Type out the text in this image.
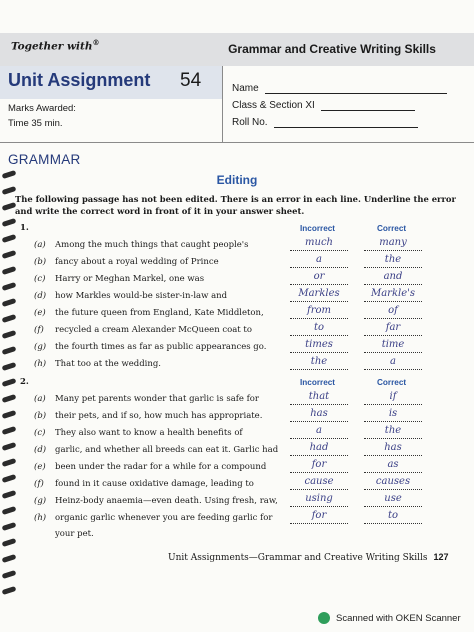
Together with®	Grammar and Creative Writing Skills
Unit Assignment 54
Marks Awarded:
Time 35 min.
Name
Class & Section XI
Roll No.
GRAMMAR
Editing
The following passage has not been edited. There is an error in each line. Underline the error and write the correct word in front of it in your answer sheet.
1.	Incorrect	Correct
(a) Among the much things that caught people's	much	many
(b) fancy about a royal wedding of Prince	a	the
(c) Harry or Meghan Markel, one was	or	and
(d) how Markles would-be sister-in-law and	Markles	Markle's
(e) the future queen from England, Kate Middleton,	from	of
(f) recycled a cream Alexander McQueen coat to	to	far
(g) the fourth times as far as public appearances go.	times	time
(h) That too at the wedding.	the	a
2.	Incorrect	Correct
(a) Many pet parents wonder that garlic is safe for	that	if
(b) their pets, and if so, how much has appropriate.	has	is
(c) They also want to know a health benefits of	a	the
(d) garlic, and whether all breeds can eat it. Garlic had	had	has
(e) been under the radar for a while for a compound	for	as
(f) found in it cause oxidative damage, leading to	cause	causes
(g) Heinz-body anaemia—even death. Using fresh, raw,	using	use
(h) organic garlic whenever you are feeding garlic for	for	to
your pet.
Unit Assignments—Grammar and Creative Writing Skills 127
Scanned with OKEN Scanner
